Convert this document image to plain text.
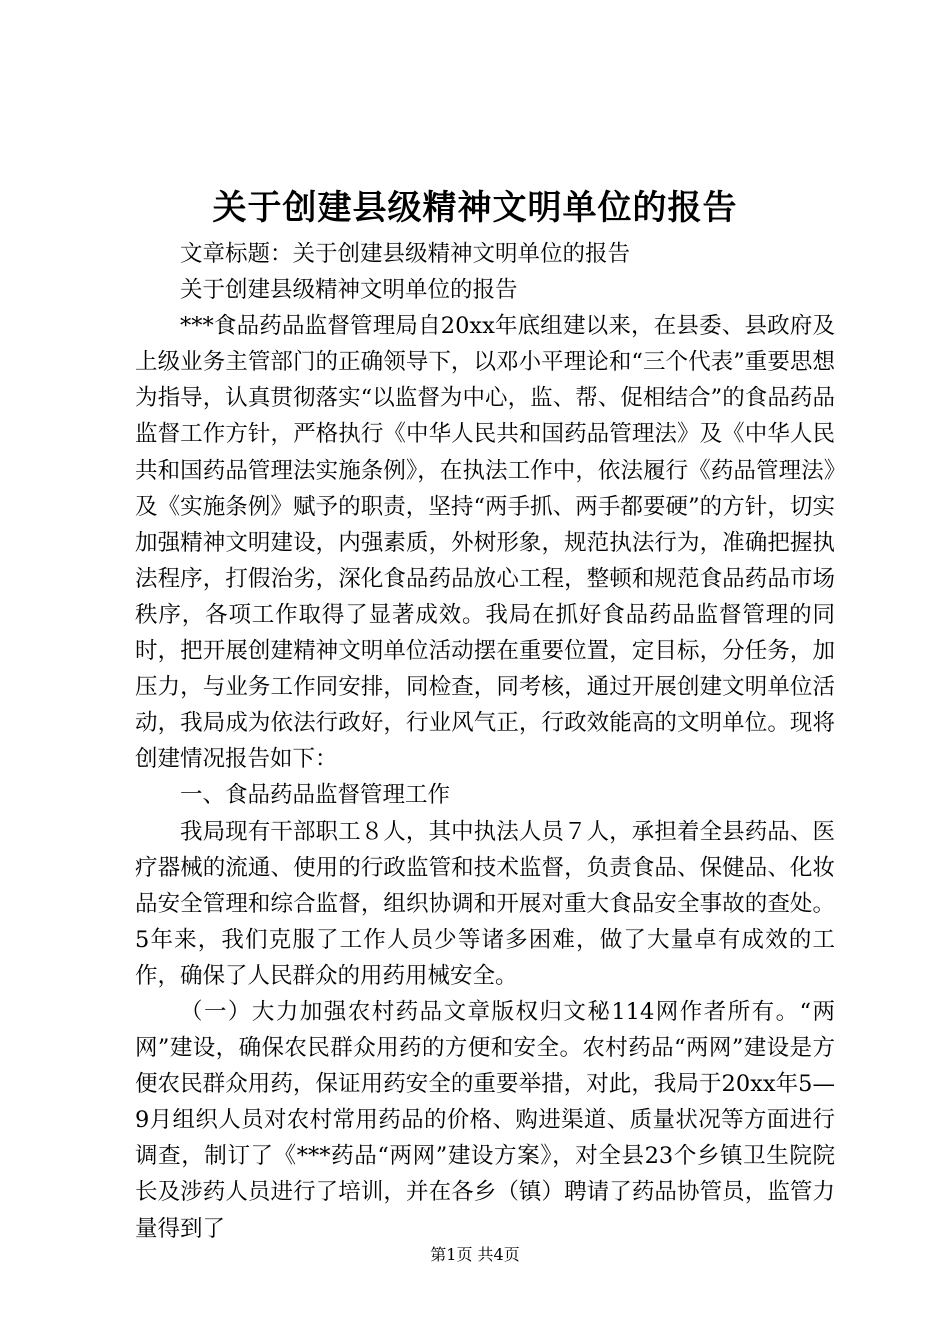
关于创建县级精神文明单位的报告

文章标题：关于创建县级精神文明单位的报告

关于创建县级精神文明单位的报告

***食品药品监督管理局自20xx年底组建以来，在县委、县政府及上级业务主管部门的正确领导下，以邓小平理论和“三个代表”重要思想为指导，认真贯彻落实“以监督为中心，监、帮、促相结合”的食品药品监督工作方针，严格执行《中华人民共和国药品管理法》及《中华人民共和国药品管理法实施条例》，在执法工作中，依法履行《药品管理法》及《实施条例》赋予的职责，坚持“两手抓、两手都要硬”的方针，切实加强精神文明建设，内强素质，外树形象，规范执法行为，准确把握执法程序，打假治劣，深化食品药品放心工程，整顿和规范食品药品市场秩序，各项工作取得了显著成效。我局在抓好食品药品监督管理的同时，把开展创建精神文明单位活动摆在重要位置，定目标，分任务，加压力，与业务工作同安排，同检查，同考核，通过开展创建文明单位活动，我局成为依法行政好，行业风气正，行政效能高的文明单位。现将创建情况报告如下：

一、食品药品监督管理工作

我局现有干部职工８人，其中执法人员７人，承担着全县药品、医疗器械的流通、使用的行政监管和技术监督，负责食品、保健品、化妆品安全管理和综合监督，组织协调和开展对重大食品安全事故的查处。5年来，我们克服了工作人员少等诸多困难，做了大量卓有成效的工作，确保了人民群众的用药用械安全。

（一）大力加强农村药品文章版权归文秘114网作者所有。“两网”建设，确保农民群众用药的方便和安全。农村药品“两网”建设是方便农民群众用药，保证用药安全的重要举措，对此，我局于20xx年5—9月组织人员对农村常用药品的价格、购进渠道、质量状况等方面进行调查，制订了《***药品“两网”建设方案》，对全县23个乡镇卫生院院长及涉药人员进行了培训，并在各乡（镇）聘请了药品协管员，监管力量得到了

第1页 共4页
